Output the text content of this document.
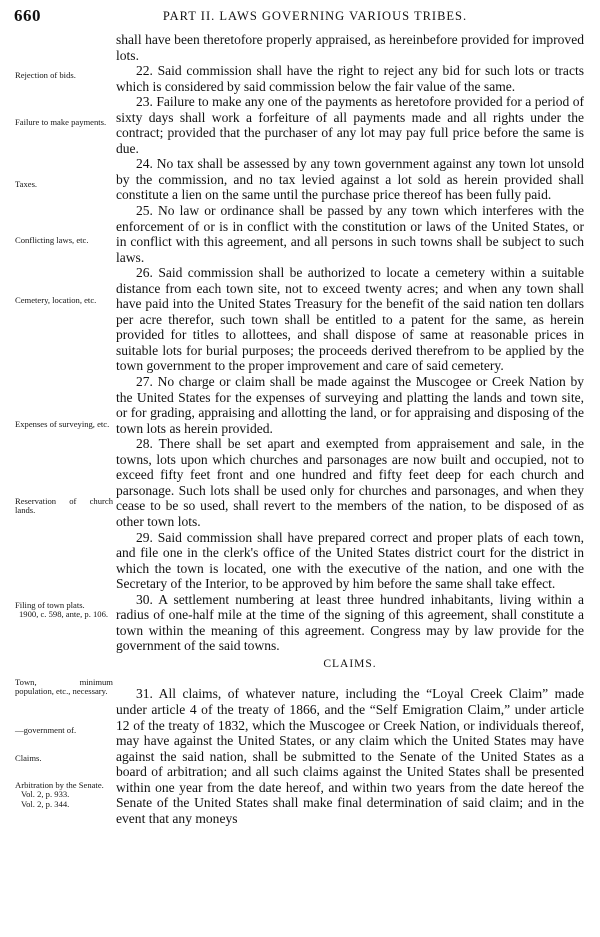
660	PART II. LAWS GOVERNING VARIOUS TRIBES.
Rejection of bids.
Failure to make payments.
Taxes.
Conflicting laws, etc.
Cemetery, location, etc.
Expenses of surveying, etc.
Reservation of church lands.
Filing of town plats.
1900, c. 598, ante, p. 106.
Town, minimum population, etc., necessary.
—government of.
Claims.
Arbitration by the Senate.
Vol. 2, p. 933.
Vol. 2, p. 344.

shall have been theretofore properly appraised, as hereinbefore provided for improved lots.

22. Said commission shall have the right to reject any bid for such lots or tracts which is considered by said commission below the fair value of the same.

23. Failure to make any one of the payments as heretofore provided for a period of sixty days shall work a forfeiture of all payments made and all rights under the contract; provided that the purchaser of any lot may pay full price before the same is due.

24. No tax shall be assessed by any town government against any town lot unsold by the commission, and no tax levied against a lot sold as herein provided shall constitute a lien on the same until the purchase price thereof has been fully paid.

25. No law or ordinance shall be passed by any town which interferes with the enforcement of or is in conflict with the constitution or laws of the United States, or in conflict with this agreement, and all persons in such towns shall be subject to such laws.

26. Said commission shall be authorized to locate a cemetery within a suitable distance from each town site, not to exceed twenty acres; and when any town shall have paid into the United States Treasury for the benefit of the said nation ten dollars per acre therefor, such town shall be entitled to a patent for the same, as herein provided for titles to allottees, and shall dispose of same at reasonable prices in suitable lots for burial purposes; the proceeds derived therefrom to be applied by the town government to the proper improvement and care of said cemetery.

27. No charge or claim shall be made against the Muscogee or Creek Nation by the United States for the expenses of surveying and platting the lands and town site, or for grading, appraising and allotting the land, or for appraising and disposing of the town lots as herein provided.

28. There shall be set apart and exempted from appraisement and sale, in the towns, lots upon which churches and parsonages are now built and occupied, not to exceed fifty feet front and one hundred and fifty feet deep for each church and parsonage. Such lots shall be used only for churches and parsonages, and when they cease to be so used, shall revert to the members of the nation, to be disposed of as other town lots.

29. Said commission shall have prepared correct and proper plats of each town, and file one in the clerk's office of the United States district court for the district in which the town is located, one with the executive of the nation, and one with the Secretary of the Interior, to be approved by him before the same shall take effect.

30. A settlement numbering at least three hundred inhabitants, living within a radius of one-half mile at the time of the signing of this agreement, shall constitute a town within the meaning of this agreement. Congress may by law provide for the government of the said towns.

CLAIMS.

31. All claims, of whatever nature, including the “Loyal Creek Claim” made under article 4 of the treaty of 1866, and the “Self Emigration Claim,” under article 12 of the treaty of 1832, which the Muscogee or Creek Nation, or individuals thereof, may have against the United States, or any claim which the United States may have against the said nation, shall be submitted to the Senate of the United States as a board of arbitration; and all such claims against the United States shall be presented within one year from the date hereof, and within two years from the date hereof the Senate of the United States shall make final determination of said claim; and in the event that any moneys
